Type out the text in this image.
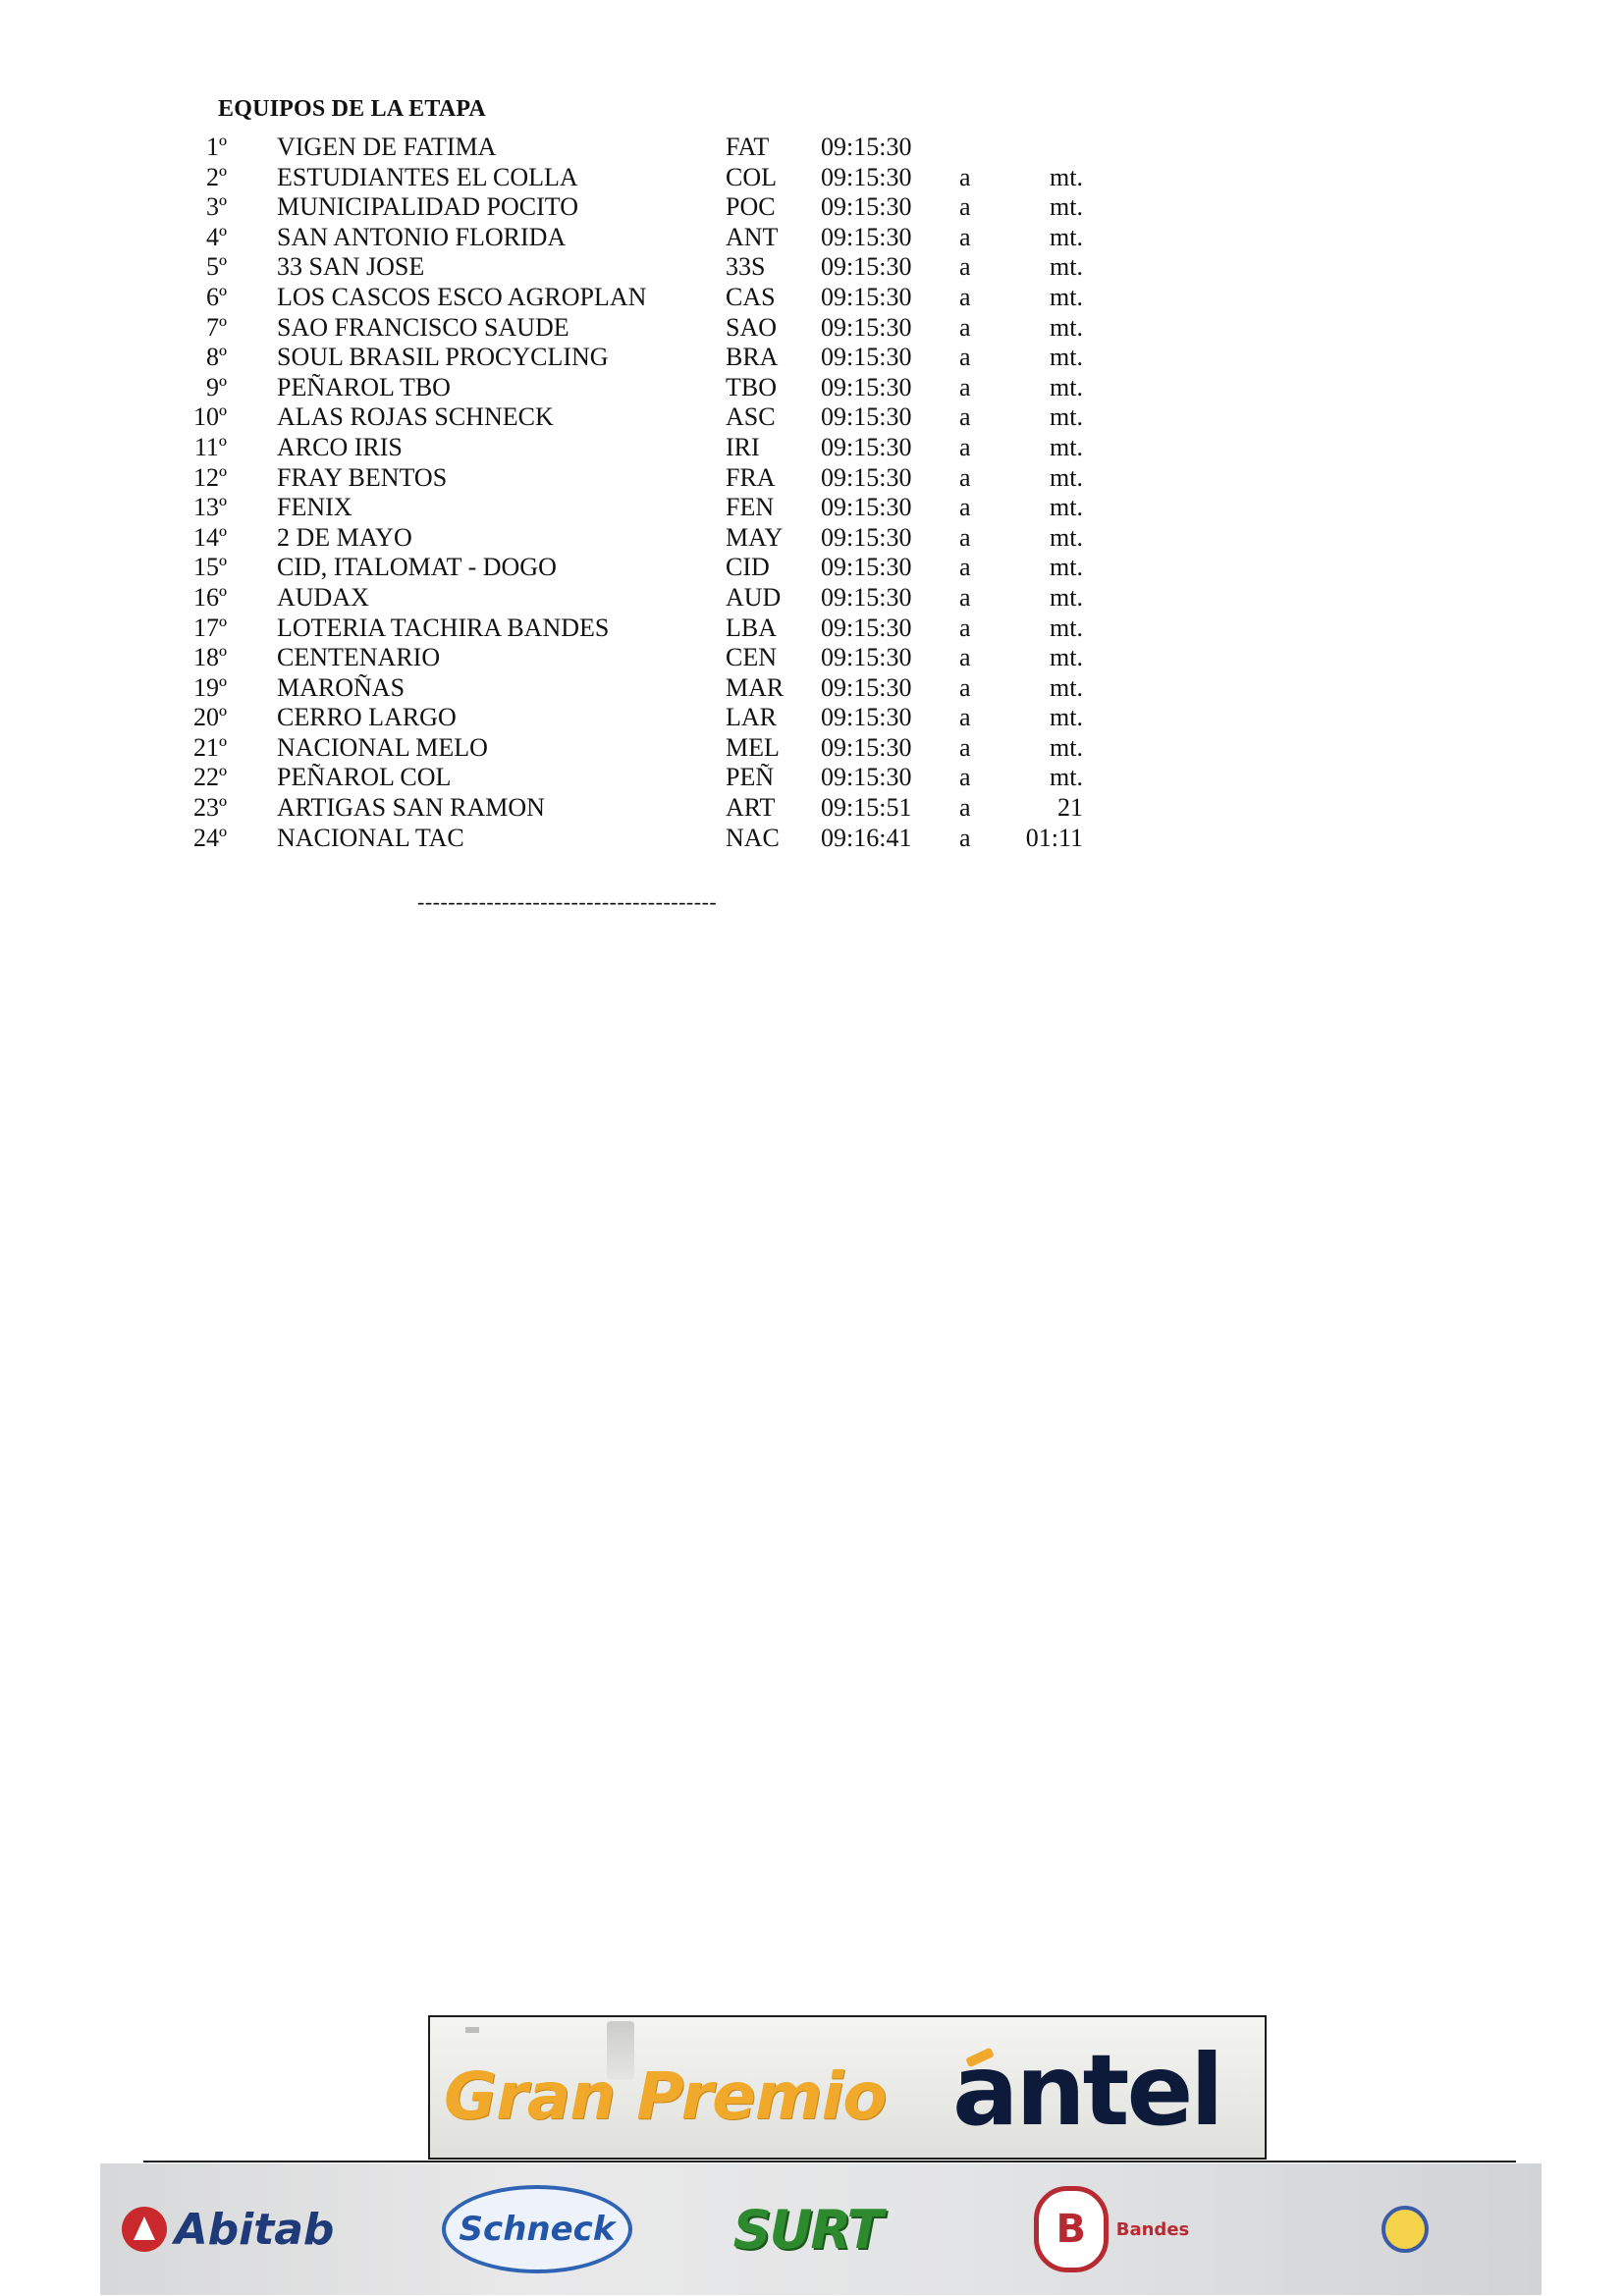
EQUIPOS DE LA ETAPA
1º VIGEN DE FATIMA	FAT 09:15:30
2º ESTUDIANTES EL COLLA	COL 09:15:30 a	mt.
3º MUNICIPALIDAD POCITO	POC 09:15:30 a	mt.
4º SAN ANTONIO FLORIDA	ANT 09:15:30 a	mt.
5º 33 SAN JOSE	33S 09:15:30 a	mt.
6º LOS CASCOS ESCO AGROPLAN	CAS 09:15:30 a	mt.
7º SAO FRANCISCO SAUDE	SAO 09:15:30 a	mt.
8º SOUL BRASIL PROCYCLING	BRA 09:15:30 a	mt.
9º PEÑAROL TBO	TBO 09:15:30 a	mt.
10º ALAS ROJAS SCHNECK	ASC 09:15:30 a	mt.
11º ARCO IRIS	IRI 09:15:30 a	mt.
12º FRAY BENTOS	FRA 09:15:30 a	mt.
13º FENIX	FEN 09:15:30 a	mt.
14º 2 DE MAYO	MAY 09:15:30 a	mt.
15º CID, ITALOMAT - DOGO	CID 09:15:30 a	mt.
16º AUDAX	AUD 09:15:30 a	mt.
17º LOTERIA TACHIRA BANDES	LBA 09:15:30 a	mt.
18º CENTENARIO	CEN 09:15:30 a	mt.
19º MAROÑAS	MAR 09:15:30 a	mt.
20º CERRO LARGO	LAR 09:15:30 a	mt.
21º NACIONAL MELO	MEL 09:15:30 a	mt.
22º PEÑAROL COL	PEÑ 09:15:30 a	mt.
23º ARTIGAS SAN RAMON	ART 09:15:51 a	21
24º NACIONAL TAC	NAC 09:16:41 a 01:11
---------------------------------------
Gran Premio antel
Abitab	Schneck SURT	B Bandes
